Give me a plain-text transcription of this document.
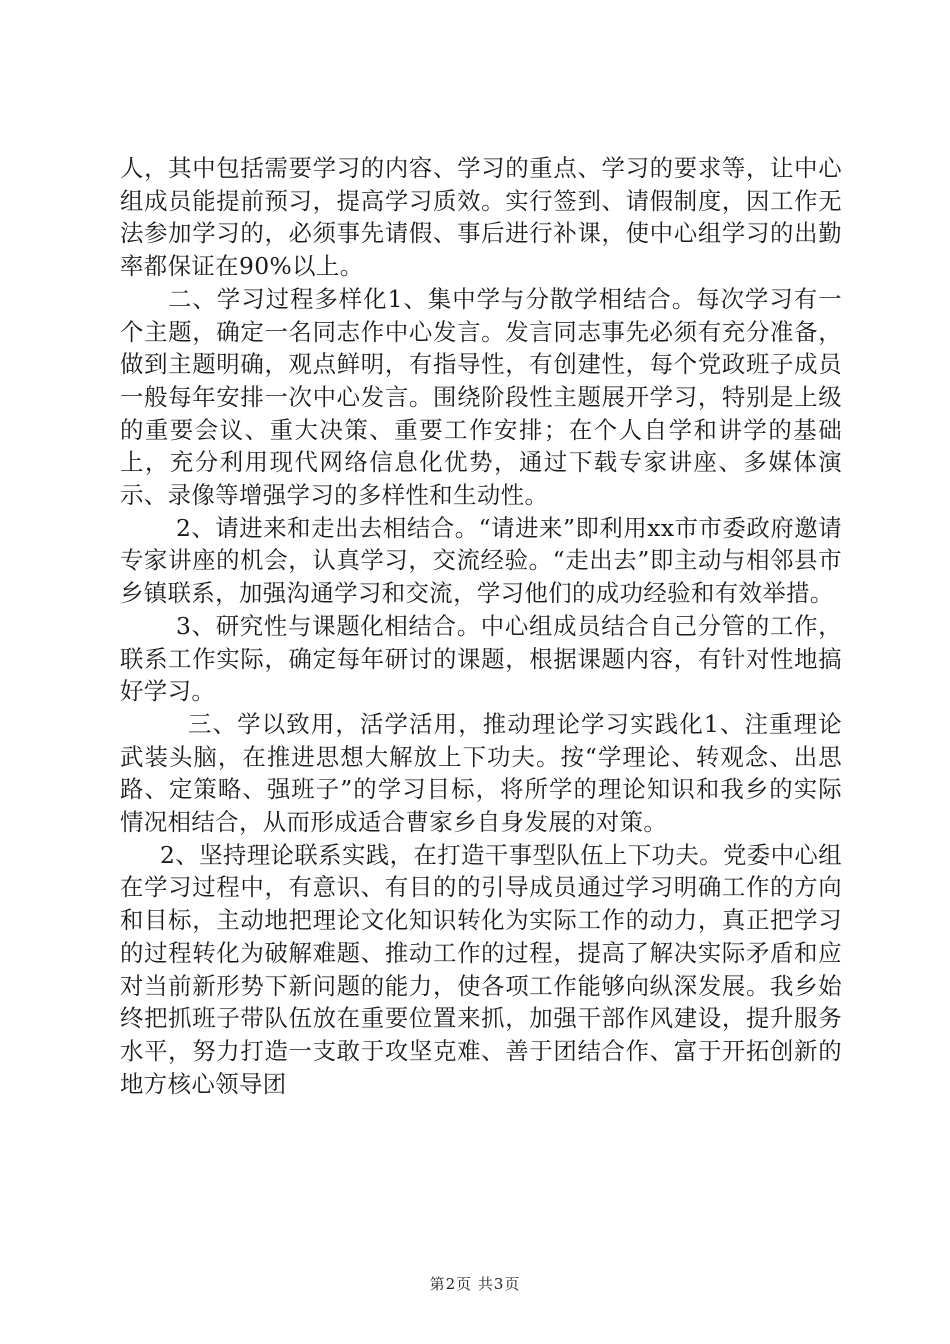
人，其中包括需要学习的内容、学习的重点、学习的要求等，让中心组成员能提前预习，提高学习质效。实行签到、请假制度，因工作无法参加学习的，必须事先请假、事后进行补课，使中心组学习的出勤率都保证在90%以上。

二、学习过程多样化1、集中学与分散学相结合。每次学习有一个主题，确定一名同志作中心发言。发言同志事先必须有充分准备，做到主题明确，观点鲜明，有指导性，有创建性，每个党政班子成员一般每年安排一次中心发言。围绕阶段性主题展开学习，特别是上级的重要会议、重大决策、重要工作安排；在个人自学和讲学的基础上，充分利用现代网络信息化优势，通过下载专家讲座、多媒体演示、录像等增强学习的多样性和生动性。

2、请进来和走出去相结合。“请进来”即利用xx市市委政府邀请专家讲座的机会，认真学习，交流经验。“走出去”即主动与相邻县市乡镇联系，加强沟通学习和交流，学习他们的成功经验和有效举措。

3、研究性与课题化相结合。中心组成员结合自己分管的工作，联系工作实际，确定每年研讨的课题，根据课题内容，有针对性地搞好学习。

三、学以致用，活学活用，推动理论学习实践化1、注重理论武装头脑，在推进思想大解放上下功夫。按“学理论、转观念、出思路、定策略、强班子”的学习目标，将所学的理论知识和我乡的实际情况相结合，从而形成适合曹家乡自身发展的对策。

2、坚持理论联系实践，在打造干事型队伍上下功夫。党委中心组在学习过程中，有意识、有目的的引导成员通过学习明确工作的方向和目标，主动地把理论文化知识转化为实际工作的动力，真正把学习的过程转化为破解难题、推动工作的过程，提高了解决实际矛盾和应对当前新形势下新问题的能力，使各项工作能够向纵深发展。我乡始终把抓班子带队伍放在重要位置来抓，加强干部作风建设，提升服务水平，努力打造一支敢于攻坚克难、善于团结合作、富于开拓创新的地方核心领导团

第2页 共3页
